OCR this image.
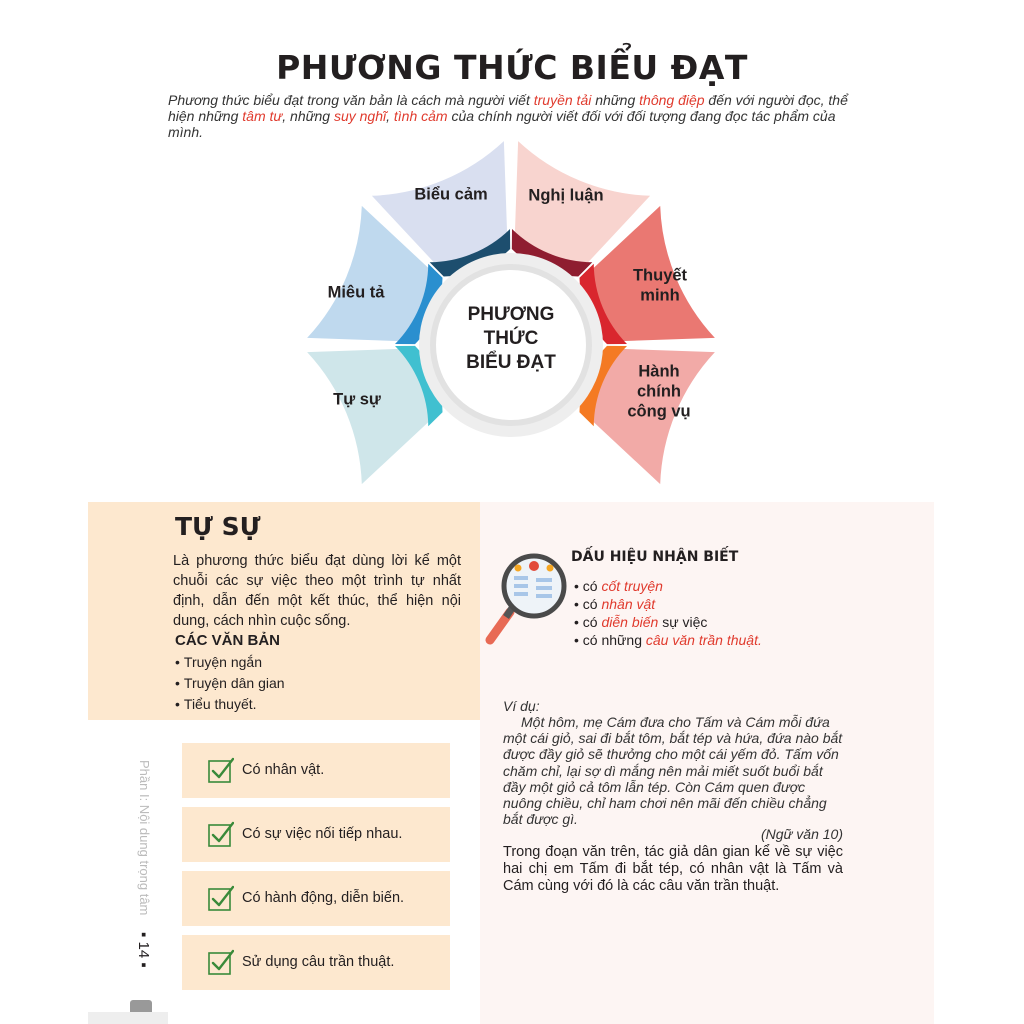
PHƯƠNG THỨC BIỂU ĐẠT

Phương thức biểu đạt trong văn bản là cách mà người viết truyền tải những thông điệp đến với người đọc, thể hiện những tâm tư, những suy nghĩ, tình cảm của chính người viết đối với đối tượng đang đọc tác phẩm của mình.

Tự sự
Miêu tả
Biểu cảm Nghị luận
Thuyết
minh
Hành
chính
công vụ
PHƯƠNG
THỨC
BIỂU ĐẠT
TỰ SỰ

Là phương thức biểu đạt dùng lời kể một chuỗi các sự việc theo một trình tự nhất định, dẫn đến một kết thúc, thể hiện nội dung, cách nhìn cuộc sống.

CÁC VĂN BẢN
• Truyện ngắn
• Truyện dân gian
• Tiểu thuyết.
DẤU HIỆU NHẬN BIẾT
• có cốt truyện
• có nhân vật
• có diễn biến sự việc
• có những câu văn trần thuật.
Ví dụ:

Một hôm, mẹ Cám đưa cho Tấm và Cám mỗi đứa một cái giỏ, sai đi bắt tôm, bắt tép và hứa, đứa nào bắt được đầy giỏ sẽ thưởng cho một cái yếm đỏ. Tấm vốn chăm chỉ, lại sợ dì mắng nên mải miết suốt buổi bắt đầy một giỏ cả tôm lẫn tép. Còn Cám quen được nuông chiều, chỉ ham chơi nên mãi đến chiều chẳng bắt được gì.

(Ngữ văn 10)

Trong đoạn văn trên, tác giả dân gian kể về sự việc hai chị em Tấm đi bắt tép, có nhân vật là Tấm và Cám cùng với đó là các câu văn trần thuật.

Có nhân vật.
Có sự việc nối tiếp nhau.
Có hành động, diễn biến.
Sử dụng câu trần thuật.
Phần I: Nội dung trọng tâm
▪ 14 ▪
